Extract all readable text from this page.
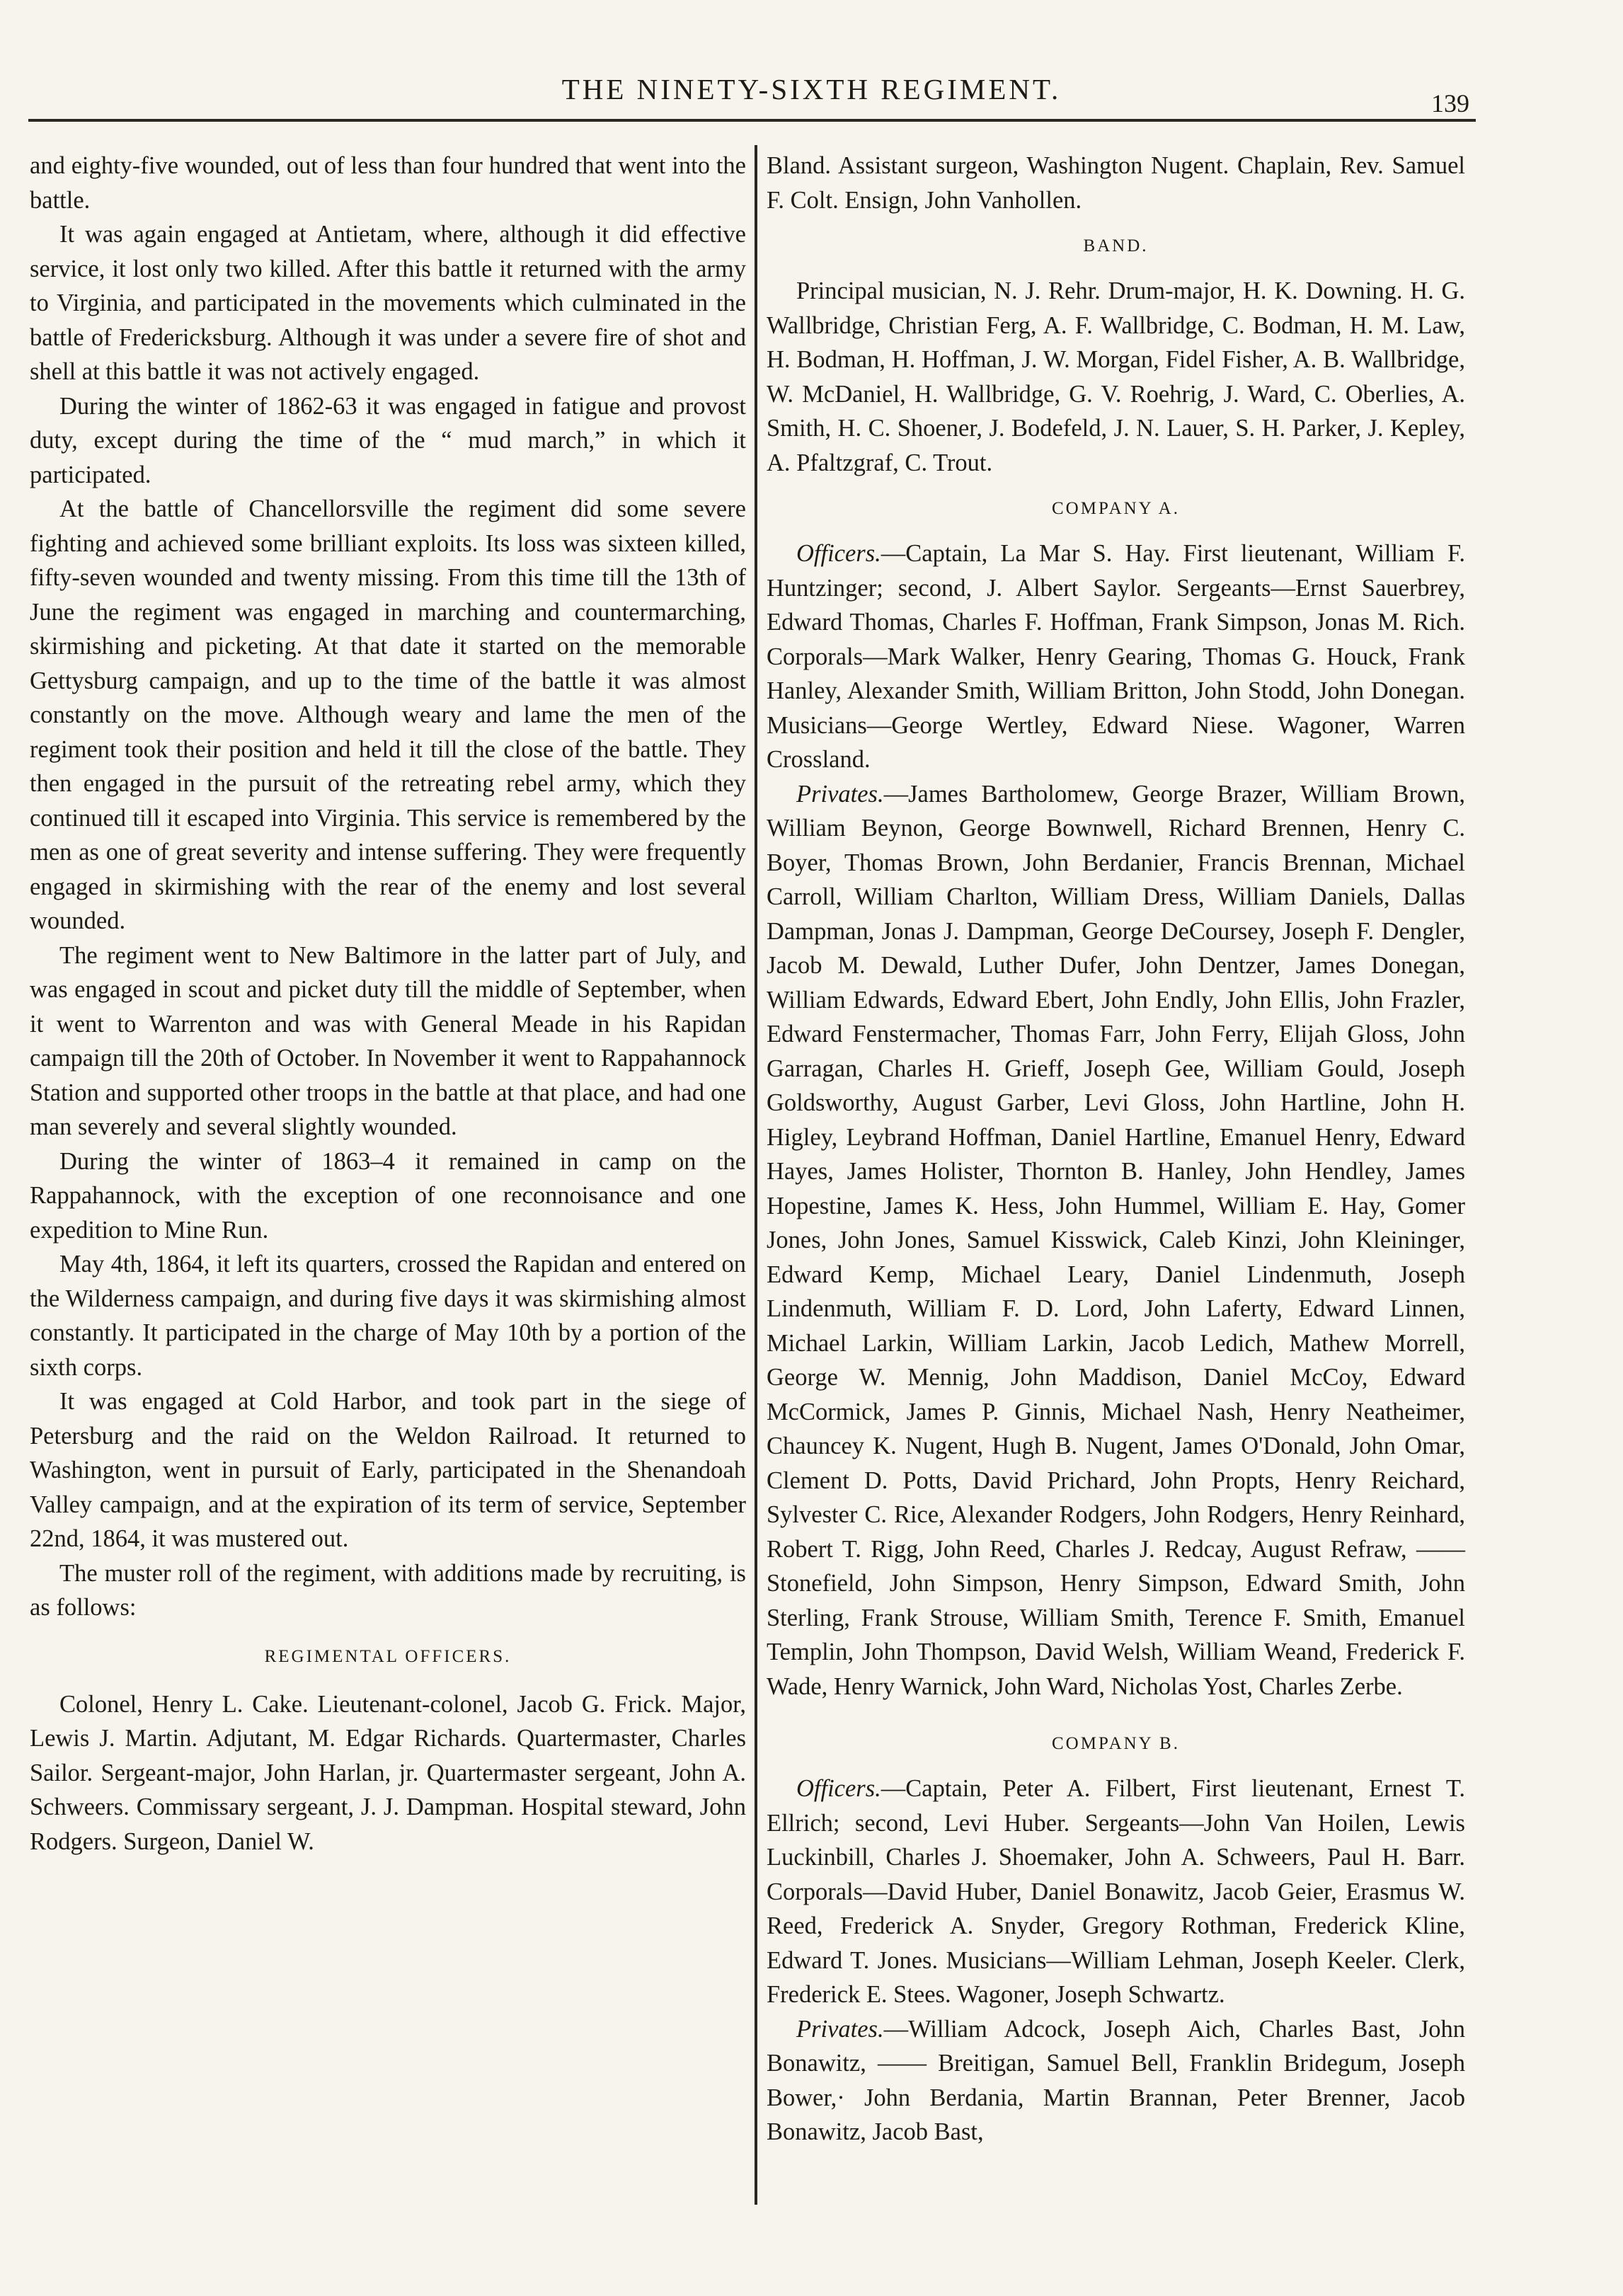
THE NINETY-SIXTH REGIMENT.	139

and eighty-five wounded, out of less than four hundred that went into the battle.

It was again engaged at Antietam, where, although it did effective service, it lost only two killed. After this battle it returned with the army to Virginia, and participated in the movements which culminated in the battle of Fredericksburg. Although it was under a severe fire of shot and shell at this battle it was not actively engaged.

During the winter of 1862-63 it was engaged in fatigue and provost duty, except during the time of the “ mud march,” in which it participated.

At the battle of Chancellorsville the regiment did some severe fighting and achieved some brilliant exploits. Its loss was sixteen killed, fifty-seven wounded and twenty missing. From this time till the 13th of June the regiment was engaged in marching and countermarching, skirmishing and picketing. At that date it started on the memorable Gettysburg campaign, and up to the time of the battle it was almost constantly on the move. Although weary and lame the men of the regiment took their position and held it till the close of the battle. They then engaged in the pursuit of the retreating rebel army, which they continued till it escaped into Virginia. This service is remembered by the men as one of great severity and intense suffering. They were frequently engaged in skirmishing with the rear of the enemy and lost several wounded.

The regiment went to New Baltimore in the latter part of July, and was engaged in scout and picket duty till the middle of September, when it went to Warrenton and was with General Meade in his Rapidan campaign till the 20th of October. In November it went to Rappahannock Station and supported other troops in the battle at that place, and had one man severely and several slightly wounded.

During the winter of 1863–4 it remained in camp on the Rappahannock, with the exception of one reconnoisance and one expedition to Mine Run.

May 4th, 1864, it left its quarters, crossed the Rapidan and entered on the Wilderness campaign, and during five days it was skirmishing almost constantly. It participated in the charge of May 10th by a portion of the sixth corps.

It was engaged at Cold Harbor, and took part in the siege of Petersburg and the raid on the Weldon Railroad. It returned to Washington, went in pursuit of Early, participated in the Shenandoah Valley campaign, and at the expiration of its term of service, September 22nd, 1864, it was mustered out.

The muster roll of the regiment, with additions made by recruiting, is as follows:

REGIMENTAL OFFICERS.

Colonel, Henry L. Cake. Lieutenant-colonel, Jacob G. Frick. Major, Lewis J. Martin. Adjutant, M. Edgar Richards. Quartermaster, Charles Sailor. Sergeant-major, John Harlan, jr. Quartermaster sergeant, John A. Schweers. Commissary sergeant, J. J. Dampman. Hospital steward, John Rodgers. Surgeon, Daniel W.

Bland. Assistant surgeon, Washington Nugent. Chaplain, Rev. Samuel F. Colt. Ensign, John Vanhollen.

BAND.

Principal musician, N. J. Rehr. Drum-major, H. K. Downing. H. G. Wallbridge, Christian Ferg, A. F. Wallbridge, C. Bodman, H. M. Law, H. Bodman, H. Hoffman, J. W. Morgan, Fidel Fisher, A. B. Wallbridge, W. McDaniel, H. Wallbridge, G. V. Roehrig, J. Ward, C. Oberlies, A. Smith, H. C. Shoener, J. Bodefeld, J. N. Lauer, S. H. Parker, J. Kepley, A. Pfaltzgraf, C. Trout.

COMPANY A.

Officers.—Captain, La Mar S. Hay. First lieutenant, William F. Huntzinger; second, J. Albert Saylor. Sergeants—Ernst Sauerbrey, Edward Thomas, Charles F. Hoffman, Frank Simpson, Jonas M. Rich. Corporals—Mark Walker, Henry Gearing, Thomas G. Houck, Frank Hanley, Alexander Smith, William Britton, John Stodd, John Donegan. Musicians—George Wertley, Edward Niese. Wagoner, Warren Crossland.

Privates.—James Bartholomew, George Brazer, William Brown, William Beynon, George Bownwell, Richard Brennen, Henry C. Boyer, Thomas Brown, John Berdanier, Francis Brennan, Michael Carroll, William Charlton, William Dress, William Daniels, Dallas Dampman, Jonas J. Dampman, George DeCoursey, Joseph F. Dengler, Jacob M. Dewald, Luther Dufer, John Dentzer, James Donegan, William Edwards, Edward Ebert, John Endly, John Ellis, John Frazler, Edward Fenstermacher, Thomas Farr, John Ferry, Elijah Gloss, John Garragan, Charles H. Grieff, Joseph Gee, William Gould, Joseph Goldsworthy, August Garber, Levi Gloss, John Hartline, John H. Higley, Leybrand Hoffman, Daniel Hartline, Emanuel Henry, Edward Hayes, James Holister, Thornton B. Hanley, John Hendley, James Hopestine, James K. Hess, John Hummel, William E. Hay, Gomer Jones, John Jones, Samuel Kisswick, Caleb Kinzi, John Kleininger, Edward Kemp, Michael Leary, Daniel Lindenmuth, Joseph Lindenmuth, William F. D. Lord, John Laferty, Edward Linnen, Michael Larkin, William Larkin, Jacob Ledich, Mathew Morrell, George W. Mennig, John Maddison, Daniel McCoy, Edward McCormick, James P. Ginnis, Michael Nash, Henry Neatheimer, Chauncey K. Nugent, Hugh B. Nugent, James O'Donald, John Omar, Clement D. Potts, David Prichard, John Propts, Henry Reichard, Sylvester C. Rice, Alexander Rodgers, John Rodgers, Henry Reinhard, Robert T. Rigg, John Reed, Charles J. Redcay, August Refraw, —— Stonefield, John Simpson, Henry Simpson, Edward Smith, John Sterling, Frank Strouse, William Smith, Terence F. Smith, Emanuel Templin, John Thompson, David Welsh, William Weand, Frederick F. Wade, Henry Warnick, John Ward, Nicholas Yost, Charles Zerbe.

COMPANY B.

Officers.—Captain, Peter A. Filbert, First lieutenant, Ernest T. Ellrich; second, Levi Huber. Sergeants—John Van Hoilen, Lewis Luckinbill, Charles J. Shoemaker, John A. Schweers, Paul H. Barr. Corporals—David Huber, Daniel Bonawitz, Jacob Geier, Erasmus W. Reed, Frederick A. Snyder, Gregory Rothman, Frederick Kline, Edward T. Jones. Musicians—William Lehman, Joseph Keeler. Clerk, Frederick E. Stees. Wagoner, Joseph Schwartz.

Privates.—William Adcock, Joseph Aich, Charles Bast, John Bonawitz, —— Breitigan, Samuel Bell, Franklin Bridegum, Joseph Bower,· John Berdania, Martin Brannan, Peter Brenner, Jacob Bonawitz, Jacob Bast,
